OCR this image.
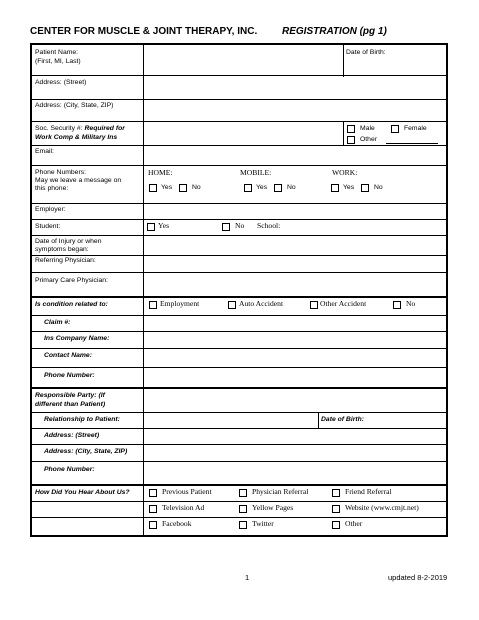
CENTER FOR MUSCLE & JOINT THERAPY, INC. REGISTRATION (pg 1)
Patient Name:
(First, MI, Last)
Date of Birth:
Address: (Street)
Address: (City, State, ZIP)
Soc. Security #: Required for
Work Comp & Military Ins
Male	Female
Other
Email:
Phone Numbers:
May we leave a message on
this phone:
HOME:	MOBILE:	WORK:
Yes	No	Yes	No	Yes	No
Employer:
Student:	Yes	No School:
Date of Injury or when
symptoms began:
Referring Physician:
Primary Care Physician:
Is condition related to:	Employment	Auto Accident	Other Accident	No
Claim #:
Ins Company Name:
Contact Name:
Phone Number:
Responsible Party: (If
different than Patient)
Relationship to Patient:	Date of Birth:
Address: (Street)
Address: (City, State, ZIP)
Phone Number:
How Did You Hear About Us?	Previous Patient	Physician Referral	Friend Referral
Television Ad	Yellow Pages	Website (www.cmjt.net)
Facebook	Twitter	Other
1	updated 8-2-2019
